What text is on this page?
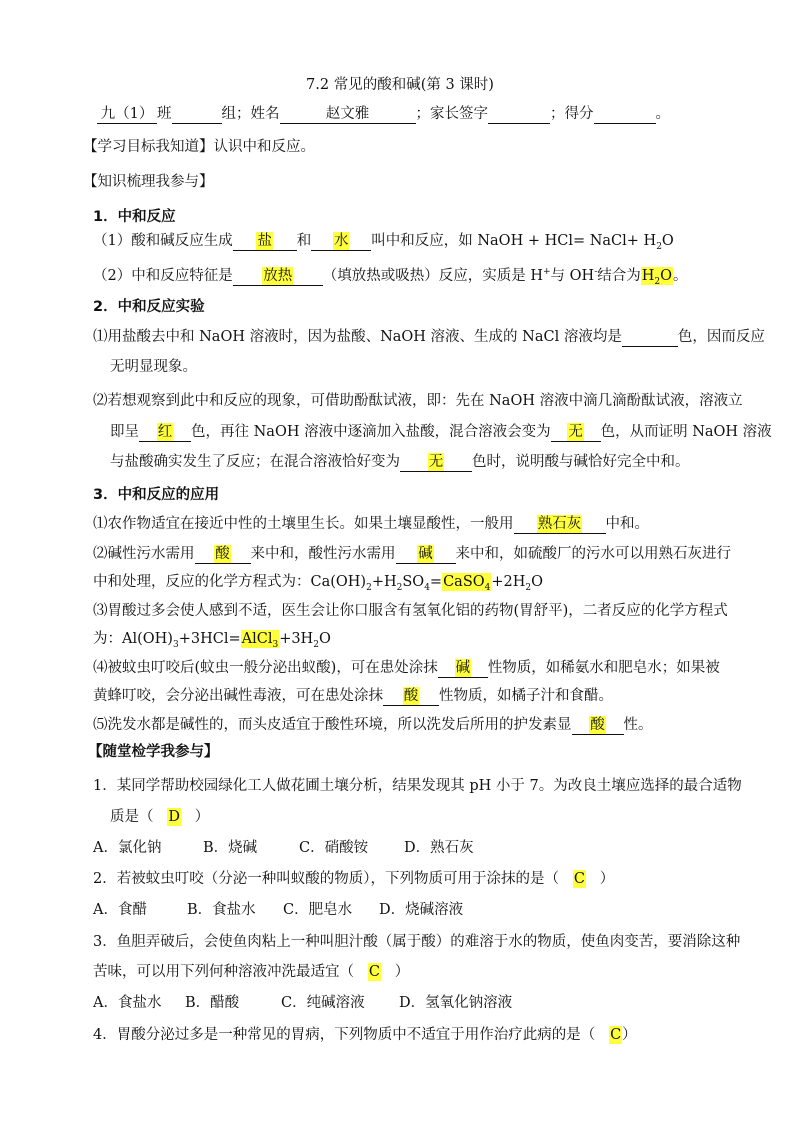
7.2 常见的酸和碱(第 3 课时)
九（1） 班	组；姓名	赵文雅	；家长签字	；得分	。
【学习目标我知道】认识中和反应。
【知识梳理我参与】
1．中和反应
（1）酸和碱反应生成 盐 和 水 叫中和反应，如 NaOH + HCl= NaCl+ $H_2O$
（2）中和反应特征是 放热 （填放热或吸热）反应，实质是 H+与 OH-结合为$H_2O$。
2．中和反应实验
⑴用盐酸去中和 NaOH 溶液时，因为盐酸、NaOH 溶液、生成的 NaCl 溶液均是	色，因而反应
无明显现象。
⑵若想观察到此中和反应的现象，可借助酚酞试液，即：先在 NaOH 溶液中滴几滴酚酞试液，溶液立
即呈 红 色，再往 NaOH 溶液中逐滴加入盐酸，混合溶液会变为 无 色，从而证明 NaOH 溶液
与盐酸确实发生了反应；在混合溶液恰好变为 无 色时，说明酸与碱恰好完全中和。
3．中和反应的应用
⑴农作物适宜在接近中性的土壤里生长。如果土壤显酸性，一般用 熟石灰 中和。
⑵碱性污水需用 酸 来中和，酸性污水需用 碱 来中和，如硫酸厂的污水可以用熟石灰进行
中和处理，反应的化学方程式为：$Ca(OH)_2+H_2SO_4=CaSO_4+2H_2O$
⑶胃酸过多会使人感到不适，医生会让你口服含有氢氧化铝的药物(胃舒平)，二者反应的化学方程式
为：$Al(OH)_3+3HCl=AlCl_3+3H_2O$
⑷被蚊虫叮咬后(蚊虫一般分泌出蚁酸)，可在患处涂抹 碱 性物质，如稀氨水和肥皂水；如果被
黄蜂叮咬，会分泌出碱性毒液，可在患处涂抹 酸 性物质，如橘子汁和食醋。
⑸洗发水都是碱性的，而头皮适宜于酸性环境，所以洗发后所用的护发素显 酸 性。
【随堂检学我参与】
1．某同学帮助校园绿化工人做花圃土壤分析，结果发现其 pH 小于 7。为改良土壤应选择的最合适物
质是（ D ）
A．氯化钠	B．烧碱	C．硝酸铵 D．熟石灰
2．若被蚊虫叮咬（分泌一种叫蚁酸的物质），下列物质可用于涂抹的是（ C ）
A．食醋	B．食盐水 C．肥皂水 D．烧碱溶液
3．鱼胆弄破后，会使鱼肉粘上一种叫胆汁酸（属于酸）的难溶于水的物质，使鱼肉变苦，要消除这种
苦味，可以用下列何种溶液冲洗最适宜（ C ）
A．食盐水 B．醋酸	C．纯碱溶液 D．氢氧化钠溶液
4．胃酸分泌过多是一种常见的胃病，下列物质中不适宜于用作治疗此病的是（ C）
